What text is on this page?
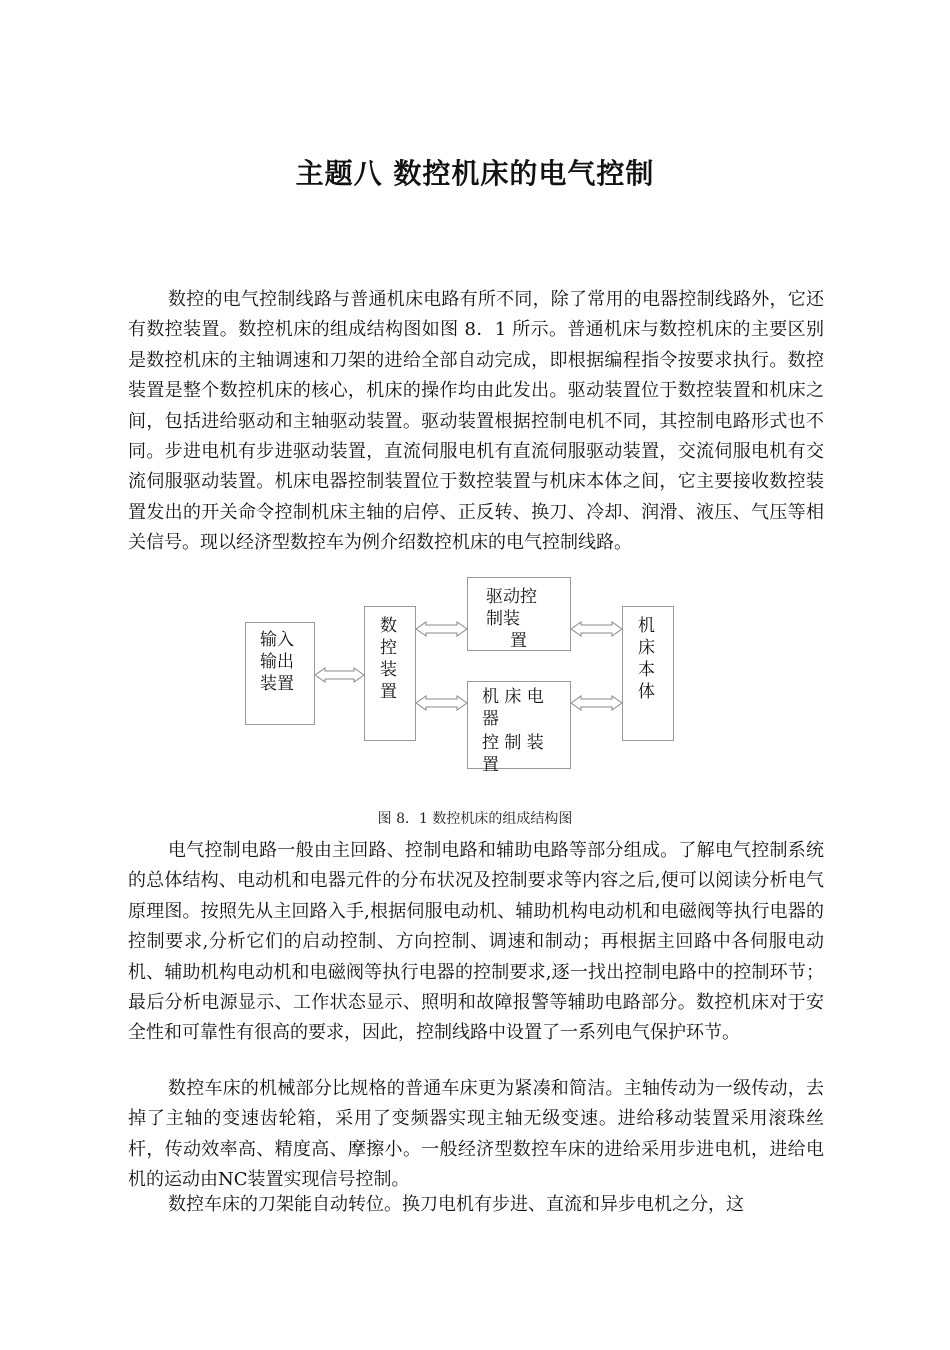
主题八 数控机床的电气控制

数控的电气控制线路与普通机床电路有所不同，除了常用的电器控制线路外，它还有数控装置。数控机床的组成结构图如图 8．1 所示。普通机床与数控机床的主要区别是数控机床的主轴调速和刀架的进给全部自动完成，即根据编程指令按要求执行。数控装置是整个数控机床的核心，机床的操作均由此发出。驱动装置位于数控装置和机床之间，包括进给驱动和主轴驱动装置。驱动装置根据控制电机不同，其控制电路形式也不同。步进电机有步进驱动装置，直流伺服电机有直流伺服驱动装置，交流伺服电机有交流伺服驱动装置。机床电器控制装置位于数控装置与机床本体之间，它主要接收数控装置发出的开关命令控制机床主轴的启停、正反转、换刀、冷却、润滑、液压、气压等相关信号。现以经济型数控车为例介绍数控机床的电气控制线路。

输入
输出
装置
数控装置
驱动控
制装
置
机 床 电
器
控 制 装
置
机床本体
图 8．1 数控机床的组成结构图

电气控制电路一般由主回路、控制电路和辅助电路等部分组成。了解电气控制系统的总体结构、电动机和电器元件的分布状况及控制要求等内容之后,便可以阅读分析电气原理图。按照先从主回路入手,根据伺服电动机、辅助机构电动机和电磁阀等执行电器的控制要求,分析它们的启动控制、方向控制、调速和制动；再根据主回路中各伺服电动机、辅助机构电动机和电磁阀等执行电器的控制要求,逐一找出控制电路中的控制环节；最后分析电源显示、工作状态显示、照明和故障报警等辅助电路部分。数控机床对于安全性和可靠性有很高的要求，因此，控制线路中设置了一系列电气保护环节。

数控车床的机械部分比规格的普通车床更为紧凑和简洁。主轴传动为一级传动，去掉了主轴的变速齿轮箱，采用了变频器实现主轴无级变速。进给移动装置采用滚珠丝杆，传动效率高、精度高、摩擦小。一般经济型数控车床的进给采用步进电机，进给电机的运动由NC装置实现信号控制。

数控车床的刀架能自动转位。换刀电机有步进、直流和异步电机之分，这
